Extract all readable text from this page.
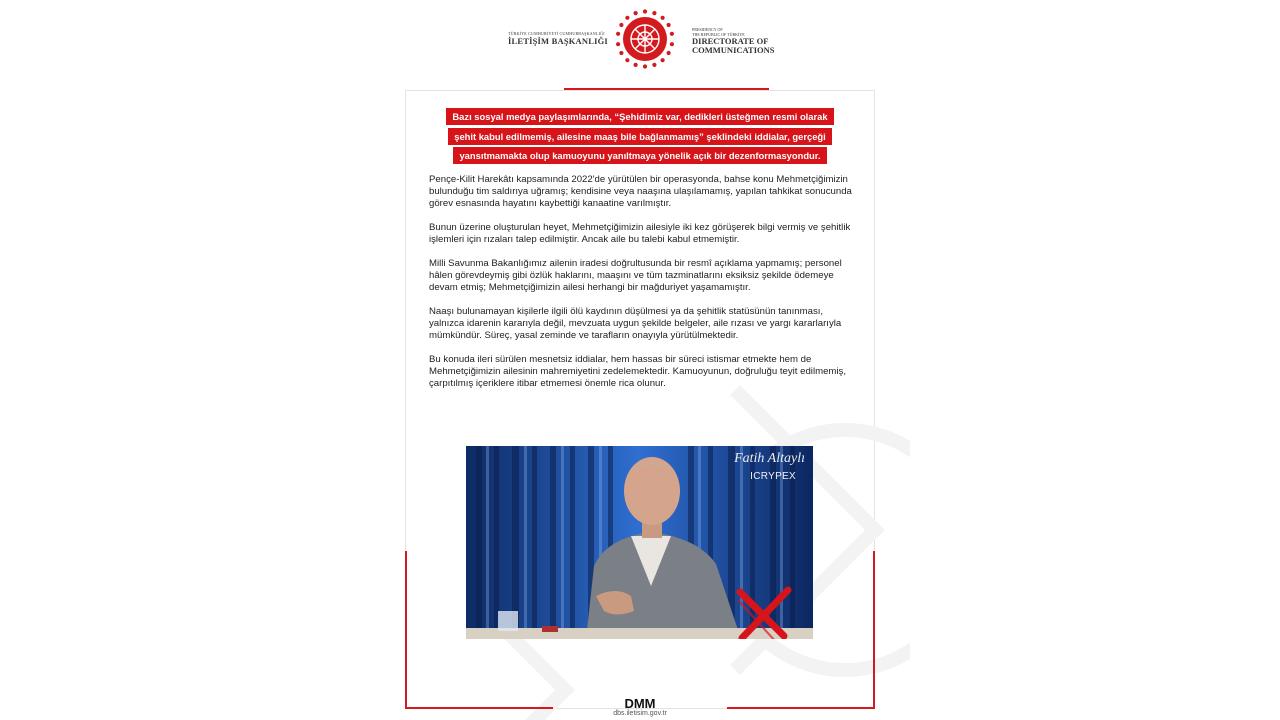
TÜRKİYE CUMHURİYETİ CUMHURBAŞKANLIĞI
İLETİŞİM BAŞKANLIĞI
PRESIDENCY OF
THE REPUBLIC OF TÜRKİYE
DIRECTORATE OF
COMMUNICATIONS
Bazı sosyal medya paylaşımlarında, “Şehidimiz var, dedikleri üsteğmen resmi olarak
şehit kabul edilmemiş, ailesine maaş bile bağlanmamış” şeklindeki iddialar, gerçeği
yansıtmamakta olup kamuoyunu yanıltmaya yönelik açık bir dezenformasyondur.

Pençe-Kilit Harekâtı kapsamında 2022'de yürütülen bir operasyonda, bahse konu Mehmetçiğimizin bulunduğu tim saldırıya uğramış; kendisine veya naaşına ulaşılamamış, yapılan tahkikat sonucunda görev esnasında hayatını kaybettiği kanaatine varılmıştır.

Bunun üzerine oluşturulan heyet, Mehmetçiğimizin ailesiyle iki kez görüşerek bilgi vermiş ve şehitlik işlemleri için rızaları talep edilmiştir. Ancak aile bu talebi kabul etmemiştir.

Milli Savunma Bakanlığımız ailenin iradesi doğrultusunda bir resmî açıklama yapmamış; personel hâlen görevdeymiş gibi özlük haklarını, maaşını ve tüm tazminatlarını eksiksiz şekilde ödemeye devam etmiş; Mehmetçiğimizin ailesi herhangi bir mağduriyet yaşamamıştır.

Naaşı bulunamayan kişilerle ilgili ölü kaydının düşülmesi ya da şehitlik statüsünün tanınması, yalnızca idarenin kararıyla değil, mevzuata uygun şekilde belgeler, aile rızası ve yargı kararlarıyla mümkündür. Süreç, yasal zeminde ve tarafların onayıyla yürütülmektedir.

Bu konuda ileri sürülen mesnetsiz iddialar, hem hassas bir süreci istismar etmekte hem de Mehmetçiğimizin ailesinin mahremiyetini zedelemektedir. Kamuoyunun, doğruluğu teyit edilmemiş, çarpıtılmış içeriklere itibar etmemesi önemle rica olunur.

Fatih Altaylı
ICRYPEX
DMM
dbs.iletisim.gov.tr
